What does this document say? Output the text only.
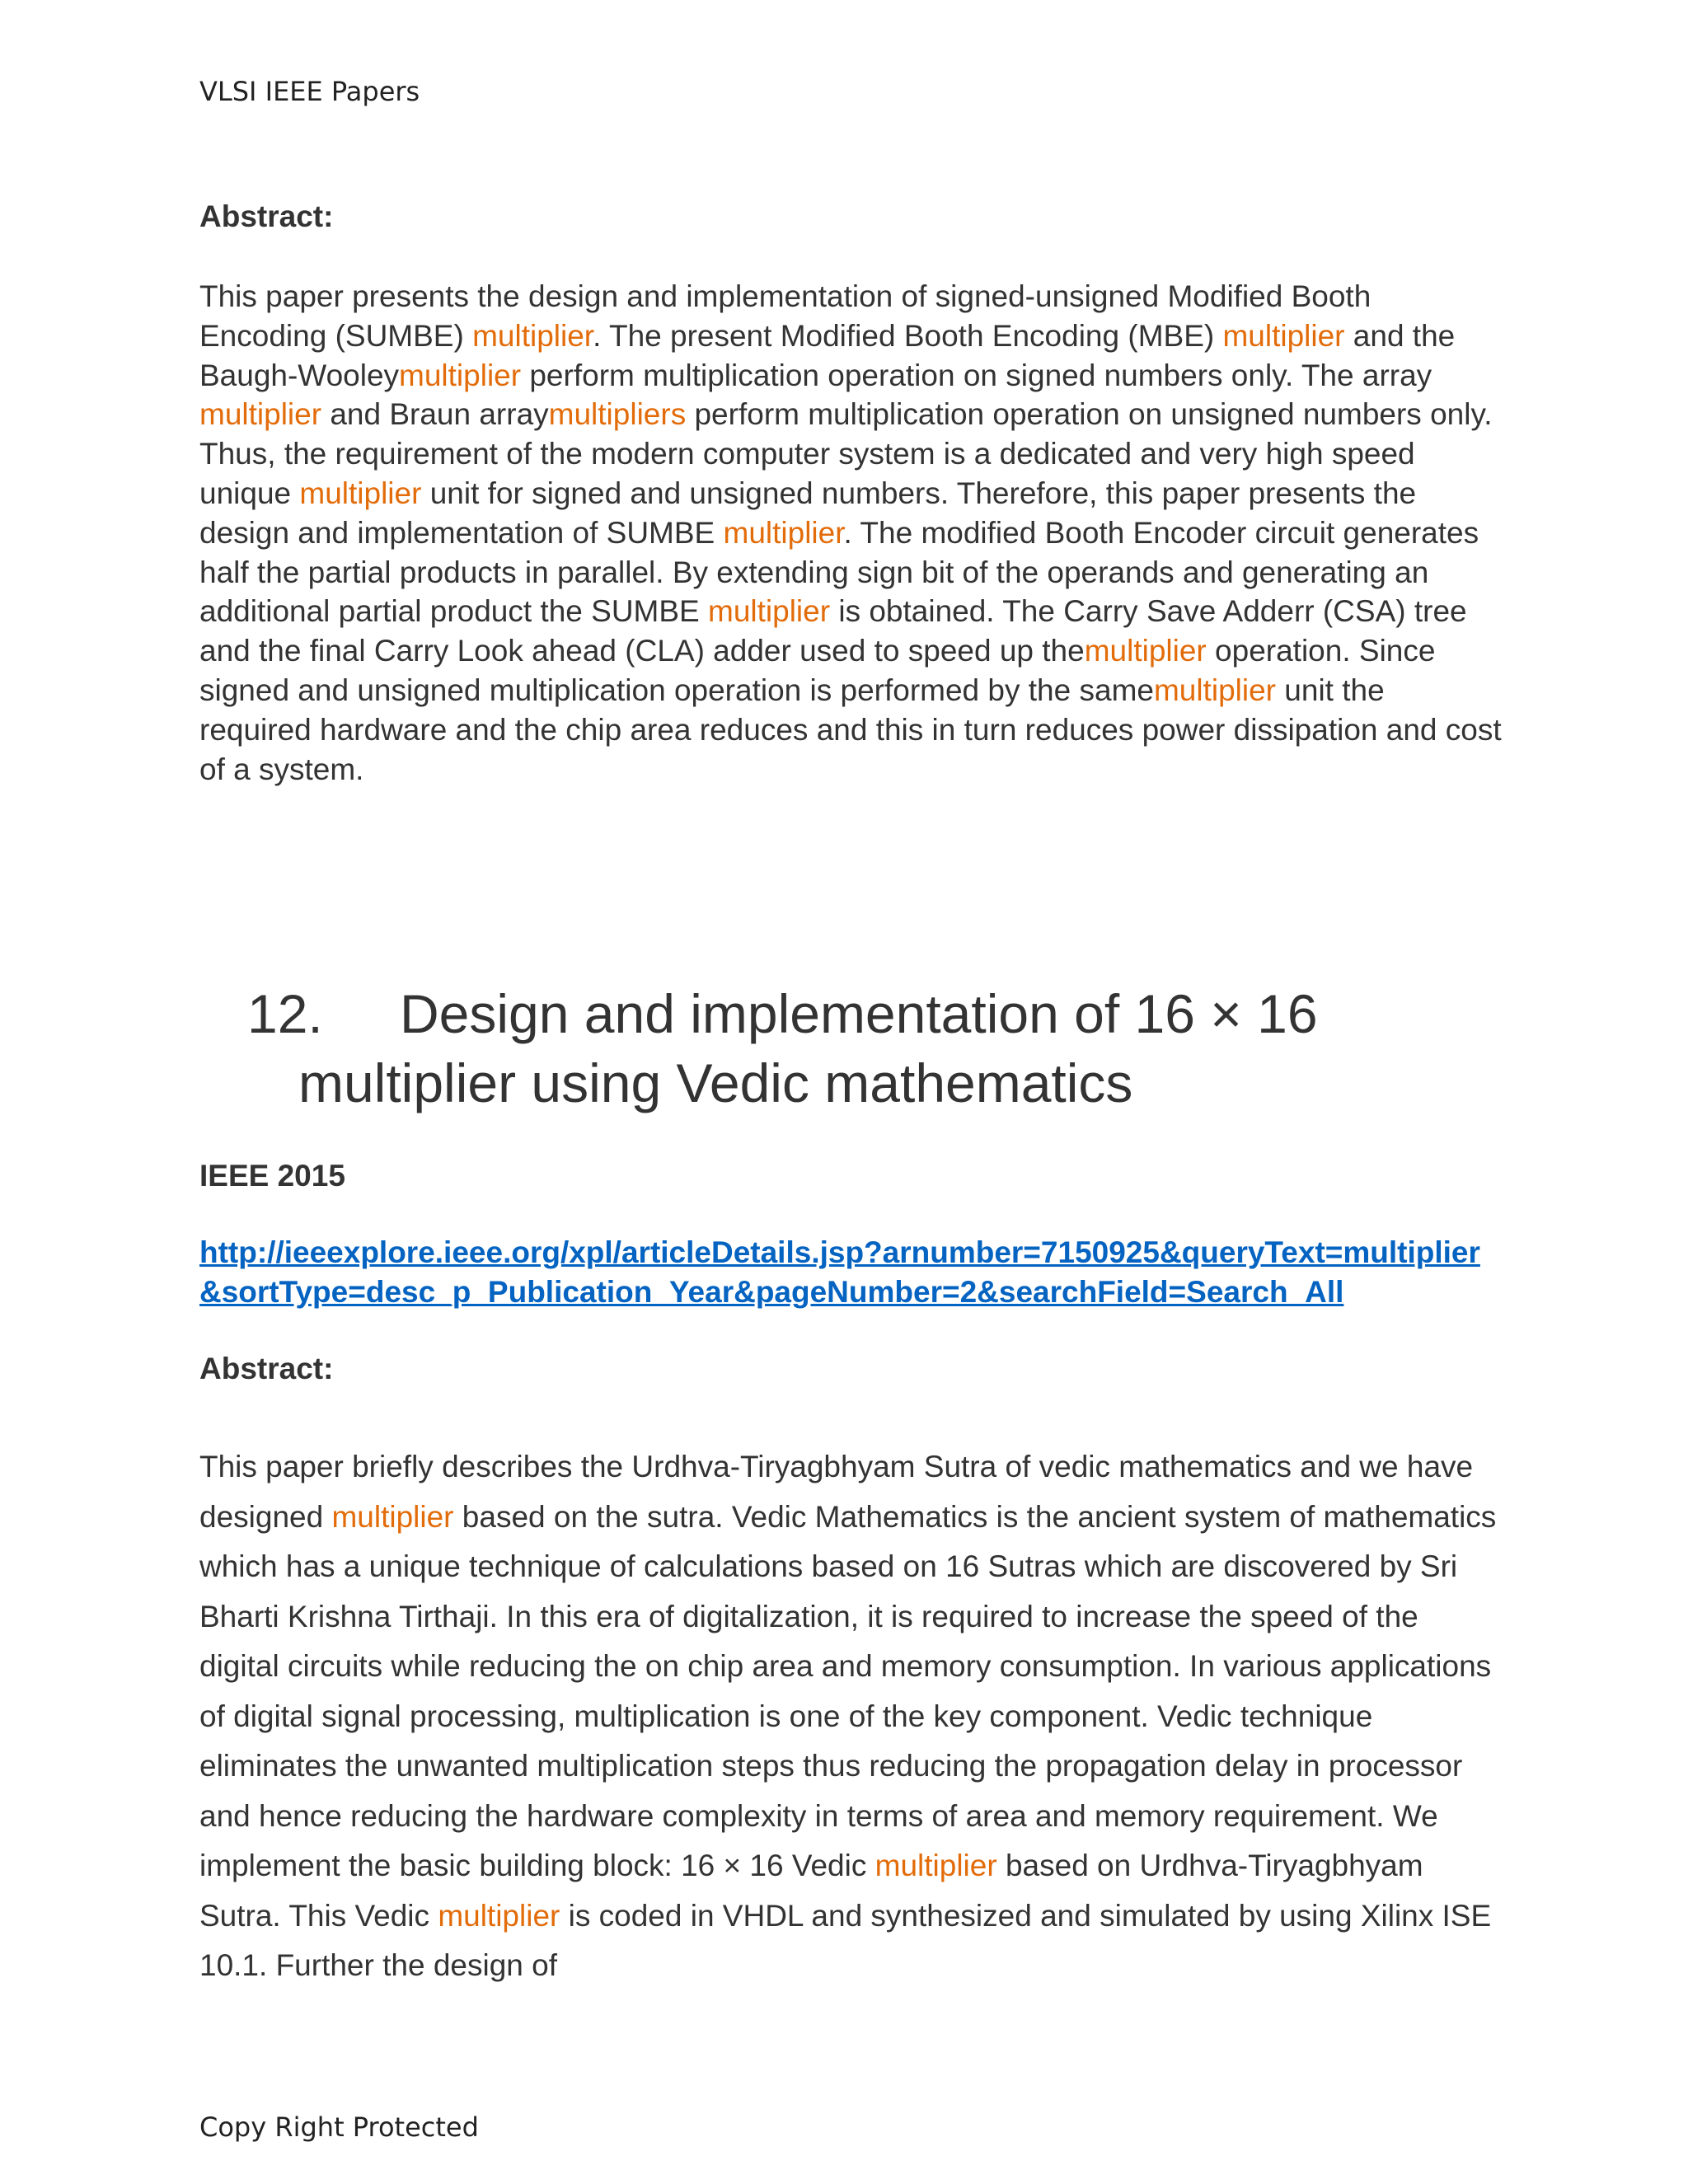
VLSI IEEE Papers
Abstract:

This paper presents the design and implementation of signed-unsigned Modified Booth Encoding (SUMBE) multiplier. The present Modified Booth Encoding (MBE) multiplier and the Baugh-Wooleymultiplier perform multiplication operation on signed numbers only. The array multiplier and Braun arraymultipliers perform multiplication operation on unsigned numbers only. Thus, the requirement of the modern computer system is a dedicated and very high speed unique multiplier unit for signed and unsigned numbers. Therefore, this paper presents the design and implementation of SUMBE multiplier. The modified Booth Encoder circuit generates half the partial products in parallel. By extending sign bit of the operands and generating an additional partial product the SUMBE multiplier is obtained. The Carry Save Adderr (CSA) tree and the final Carry Look ahead (CLA) adder used to speed up themultiplier operation. Since signed and unsigned multiplication operation is performed by the samemultiplier unit the required hardware and the chip area reduces and this in turn reduces power dissipation and cost of a system.

12. Design and implementation of 16 × 16
multiplier using Vedic mathematics
IEEE 2015
http://ieeexplore.ieee.org/xpl/articleDetails.jsp?arnumber=7150925&queryText=multiplier&sortType=desc_p_Publication_Year&pageNumber=2&searchField=Search_All
Abstract:

This paper briefly describes the Urdhva-Tiryagbhyam Sutra of vedic mathematics and we have designed multiplier based on the sutra. Vedic Mathematics is the ancient system of mathematics which has a unique technique of calculations based on 16 Sutras which are discovered by Sri Bharti Krishna Tirthaji. In this era of digitalization, it is required to increase the speed of the digital circuits while reducing the on chip area and memory consumption. In various applications of digital signal processing, multiplication is one of the key component. Vedic technique eliminates the unwanted multiplication steps thus reducing the propagation delay in processor and hence reducing the hardware complexity in terms of area and memory requirement. We implement the basic building block: 16 × 16 Vedic multiplier based on Urdhva-Tiryagbhyam Sutra. This Vedic multiplier is coded in VHDL and synthesized and simulated by using Xilinx ISE 10.1. Further the design of

Copy Right Protected
